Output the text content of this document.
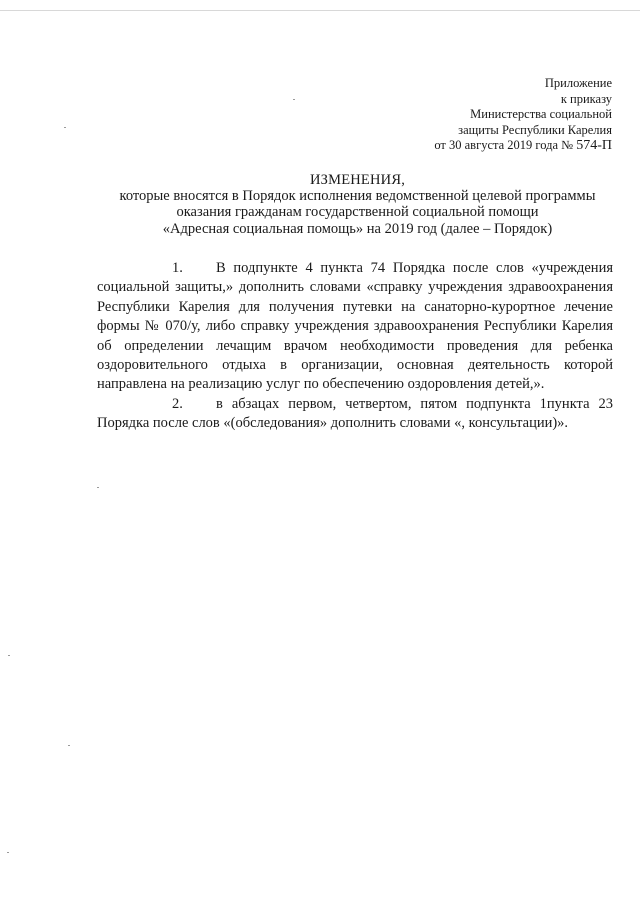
Приложение
к приказу
Министерства социальной
защиты Республики Карелия
от 30 августа 2019 года № 574-П
ИЗМЕНЕНИЯ,
которые вносятся в Порядок исполнения ведомственной целевой программы
оказания гражданам государственной социальной помощи
«Адресная социальная помощь» на 2019 год (далее – Порядок)

1. В подпункте 4 пункта 74 Порядка после слов «учреждения социальной защиты,» дополнить словами «справку учреждения здравоохранения Республики Карелия для получения путевки на санаторно-курортное лечение формы № 070/у, либо справку учреждения здравоохранения Республики Карелия об определении лечащим врачом необходимости проведения для ребенка оздоровительного отдыха в организации, основная деятельность которой направлена на реализацию услуг по обеспечению оздоровления детей,».

2. в абзацах первом, четвертом, пятом подпункта 1пункта 23 Порядка после слов «(обследования» дополнить словами «, консультации)».
